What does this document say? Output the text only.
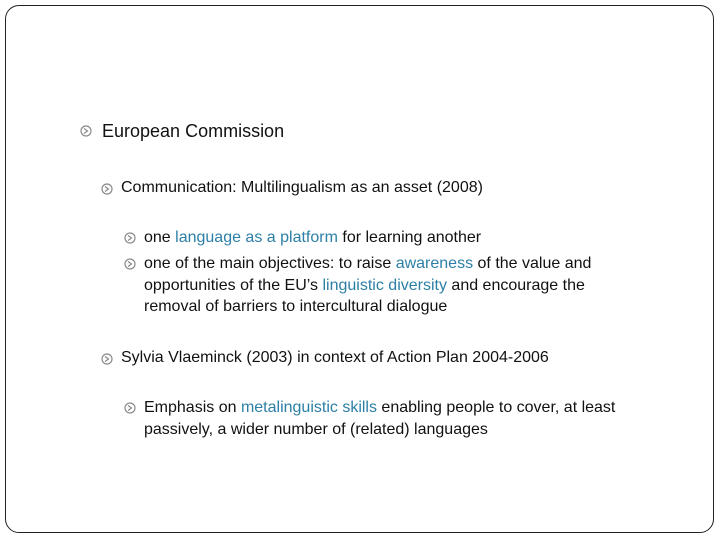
European Commission
Communication: Multilingualism as an asset (2008)
one language as a platform for learning another
one of the main objectives: to raise awareness of the value and
opportunities of the EU’s linguistic diversity and encourage the
removal of barriers to intercultural dialogue
Sylvia Vlaeminck (2003) in context of Action Plan 2004-2006
Emphasis on metalinguistic skills enabling people to cover, at least
passively, a wider number of (related) languages
